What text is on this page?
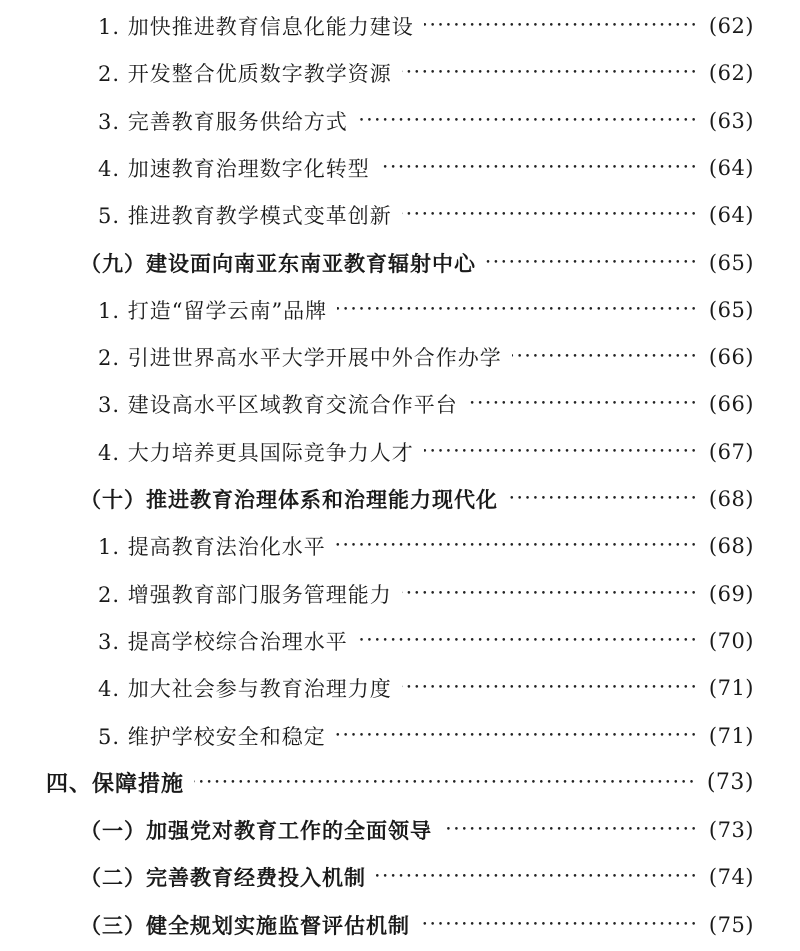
1. 加快推进教育信息化能力建设 •••••	(62)
2. 开发整合优质数字教学资源 •••••	(62)
3. 完善教育服务供给方式 •••••	(63)
4. 加速教育治理数字化转型 •••••	(64)
5. 推进教育教学模式变革创新 •••••	(64)
（九）建设面向南亚东南亚教育辐射中心 •••••	(65)
1. 打造“留学云南”品牌 •••••	(65)
2. 引进世界高水平大学开展中外合作办学 •••••	(66)
3. 建设高水平区域教育交流合作平台 •••••	(66)
4. 大力培养更具国际竞争力人才 •••••	(67)
（十）推进教育治理体系和治理能力现代化 •••••	(68)
1. 提高教育法治化水平 •••••	(68)
2. 增强教育部门服务管理能力 •••••	(69)
3. 提高学校综合治理水平 •••••	(70)
4. 加大社会参与教育治理力度 •••••	(71)
5. 维护学校安全和稳定 •••••	(71)
四、保障措施 •••••	(73)
（一）加强党对教育工作的全面领导 •••••	(73)
（二）完善教育经费投入机制 •••••	(74)
（三）健全规划实施监督评估机制 •••••	(75)
